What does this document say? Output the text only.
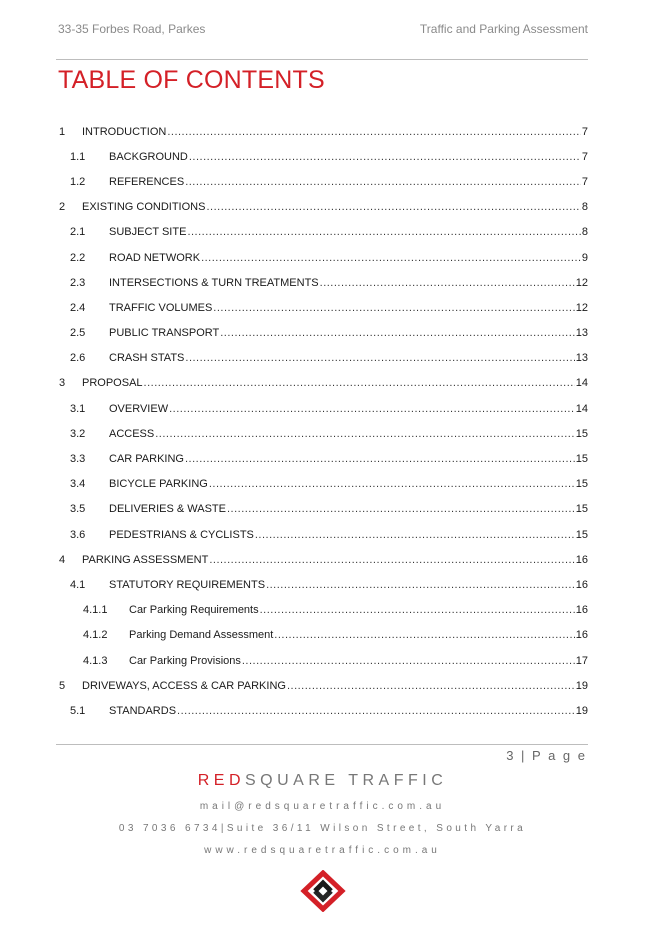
33-35 Forbes Road, Parkes	Traffic and Parking Assessment
TABLE OF CONTENTS
1 INTRODUCTION .....	7
1.1 BACKGROUND .....	7
1.2 REFERENCES .....	7
2 EXISTING CONDITIONS .....	8
2.1 SUBJECT SITE .....	8
2.2 ROAD NETWORK .....	9
2.3 INTERSECTIONS & TURN TREATMENTS .....	12
2.4 TRAFFIC VOLUMES .....	12
2.5 PUBLIC TRANSPORT .....	13
2.6 CRASH STATS .....	13
3 PROPOSAL .....	14
3.1 OVERVIEW .....	14
3.2 ACCESS .....	15
3.3 CAR PARKING .....	15
3.4 BICYCLE PARKING .....	15
3.5 DELIVERIES & WASTE .....	15
3.6 PEDESTRIANS & CYCLISTS .....	15
4 PARKING ASSESSMENT .....	16
4.1 STATUTORY REQUIREMENTS .....	16
4.1.1 Car Parking Requirements .....	16
4.1.2 Parking Demand Assessment .....	16
4.1.3 Car Parking Provisions .....	17
5 DRIVEWAYS, ACCESS & CAR PARKING .....	19
5.1 STANDARDS .....	19
3 | P a g e
REDSQUARE TRAFFIC
mail@redsquaretraffic.com.au
03 7036 6734|Suite 36/11 Wilson Street, South Yarra
www.redsquaretraffic.com.au
